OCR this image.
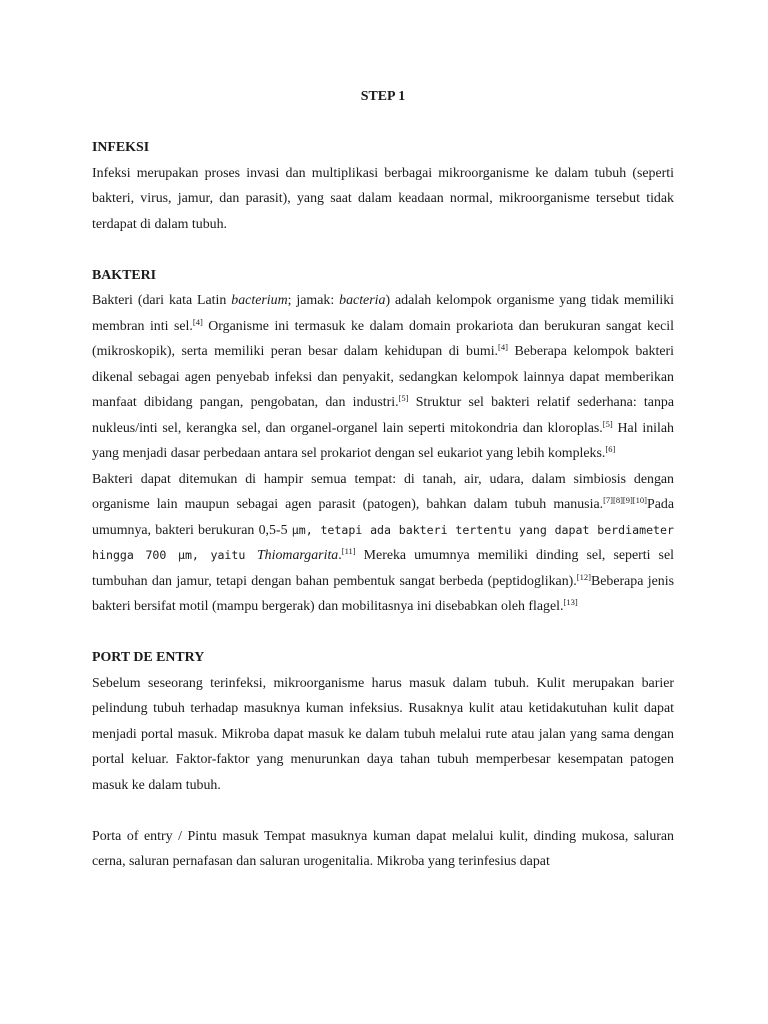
STEP 1
INFEKSI

Infeksi merupakan proses invasi dan multiplikasi berbagai mikroorganisme ke dalam tubuh (seperti bakteri, virus, jamur, dan parasit), yang saat dalam keadaan normal, mikroorganisme tersebut tidak terdapat di dalam tubuh.

BAKTERI

Bakteri (dari kata Latin bacterium; jamak: bacteria) adalah kelompok organisme yang tidak memiliki membran inti sel.[4] Organisme ini termasuk ke dalam domain prokariota dan berukuran sangat kecil (mikroskopik), serta memiliki peran besar dalam kehidupan di bumi.[4] Beberapa kelompok bakteri dikenal sebagai agen penyebab infeksi dan penyakit, sedangkan kelompok lainnya dapat memberikan manfaat dibidang pangan, pengobatan, dan industri.[5] Struktur sel bakteri relatif sederhana: tanpa nukleus/inti sel, kerangka sel, dan organel-organel lain seperti mitokondria dan kloroplas.[5] Hal inilah yang menjadi dasar perbedaan antara sel prokariot dengan sel eukariot yang lebih kompleks.[6]

Bakteri dapat ditemukan di hampir semua tempat: di tanah, air, udara, dalam simbiosis dengan organisme lain maupun sebagai agen parasit (patogen), bahkan dalam tubuh manusia.[7][8][9][10]Pada umumnya, bakteri berukuran 0,5-5 μm, tetapi ada bakteri tertentu yang dapat berdiameter hingga 700 μm, yaitu Thiomargarita.[11] Mereka umumnya memiliki dinding sel, seperti sel tumbuhan dan jamur, tetapi dengan bahan pembentuk sangat berbeda (peptidoglikan).[12]Beberapa jenis bakteri bersifat motil (mampu bergerak) dan mobilitasnya ini disebabkan oleh flagel.[13]

PORT DE ENTRY

Sebelum seseorang terinfeksi, mikroorganisme harus masuk dalam tubuh. Kulit merupakan barier pelindung tubuh terhadap masuknya kuman infeksius. Rusaknya kulit atau ketidakutuhan kulit dapat menjadi portal masuk. Mikroba dapat masuk ke dalam tubuh melalui rute atau jalan yang sama dengan portal keluar. Faktor-faktor yang menurunkan daya tahan tubuh memperbesar kesempatan patogen masuk ke dalam tubuh.

Porta of entry / Pintu masuk Tempat masuknya kuman dapat melalui kulit, dinding mukosa, saluran cerna, saluran pernafasan dan saluran urogenitalia. Mikroba yang terinfesius dapat
